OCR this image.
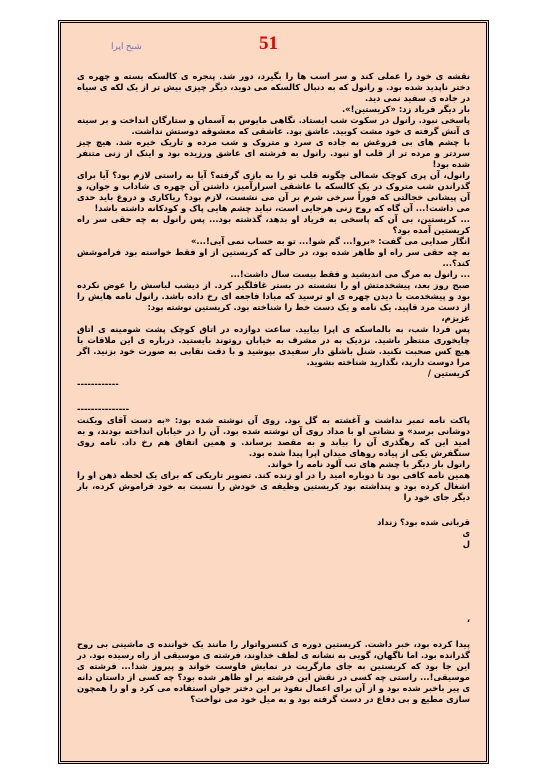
شبح اپرا	51

نقشه ی خود را عملی کند و سر اسب ها را بگیرد، دور شد. پنجره ی کالسکه بسته و چهره ی دختر ناپدید شده بود. و رانول که به دنبال کالسکه می دوید، دیگر چیزی بیش تر از یک لکه ی سیاه در جاده ی سفید نمی دید.

بار دیگر فریاد زد: «کریستین!».

پاسخی نبود. رانول در سکوت شب ایستاد. نگاهی مایوس به آسمان و ستارگان انداخت و بر سینه ی آتش گرفته ی خود مشت کوبید. عاشق بود. عاشقی که معشوقه دوستش نداشت.

با چشم های بی فروغش به جاده ی سرد و متروک و شب مرده و تاریک خیره شد. هیچ چیز سردتر و مرده تر از قلب او نبود. رانول به فرشته ای عاشق ورزیده بود و اینک از زنی متنفر شده بود!

رانول، آن پری کوچک شمالی چگونه قلب تو را به بازی گرفته؟ آیا به راستی لازم بود؟ آیا برای گذراندن شب متروک در یک کالسکه با عاشقی اسرارآمیز، داشتن آن چهره ی شاداب و جوان، و آن پیشانی خجالتی که فوراً سرخی شرم بر آن می نشست، لازم بود؟ ریاکاری و دروغ باید حدی می داشت!... آن گاه که روح زنی هرجایی است، نباید چشم هایی پاک و کودکانه داشته باشد!

... کریستین، بی آن که پاسخی به فریاد او بدهد، گذشته بود... پس رانول به چه حقی سر راه کریستین آمده بود؟

انگار صدایی می گفت: «برو!... گم شو!... تو به حساب نمی آیی!...»

به چه حقی سر راه او ظاهر شده بود، در حالی که کریستین از او فقط خواسته بود فراموشش کند؟...

... رانول به مرگ می اندیشید و فقط بیست سال داشت!...

صبح روز بعد، پیشخدمتش او را نشسته در بستر غافلگیر کرد. از دیشب لباسش را عوض نکرده بود و پیشخدمت با دیدن چهره ی او ترسید که مبادا فاجعه ای رخ داده باشد. رانول نامه هایش را از دست مرد قاپید. یک نامه و یک دست خط را شناخته بود. کریستین نوشته بود:

عزیزم،

پس فردا شب، به بالماسکه ی اپرا بیایید. ساعت دوازده در اتاق کوچک پشت شومینه ی اتاق چایخوری منتظر باشید. نزدیک به در مشرف به خیابان روتوند بایستید. درباره ی این ملاقات با هیچ کس صحبت نکنید. شنل باشلق دار سفیدی بپوشید و با دقت نقابی به صورت خود بزنید. اگر مرا دوست دارید، نگذارید شناخته بشوید.

کریستین /

------------

---------------

پاکت نامه تمبر نداشت و آغشته به گل بود. روی آن نوشته شده بود: «به دست آقای ویکنت دوشانی برسد» و نشانی او با مداد روی آن نوشته شده بود. آن را در خیابان انداخته بودند، و به امید این که رهگذری آن را بیابد و به مقصد برساند. و همین اتفاق هم رخ داد. نامه روی سنگفرش یکی از پیاده روهای میدان اپرا پیدا شده بود.

رانول بار دیگر با چشم های تب آلود نامه را خواند.

همین نامه کافی بود تا دوباره امید را در او زنده کند. تصویر تاریکی که برای یک لحظه ذهن او را اشغال کرده بود و پنداشته بود کریستین وظیفه ی خودش را نسبت به خود فراموش کرده، بار دیگر جای خود را

قربانی شده بود؟ زنداد

ی

ل

،

پیدا کرده بود، خبر داشت. کریستین دوره ی کنسرواتوار را مانند یک خواننده ی ماشینی بی روح گذرانده بود. اما ناگهان، گویی به نشانه ی لطف خداوند، فرشته ی موسیقی از راه رسیده بود. در این جا بود که کریستین به جای مارگریت در نمایش فاوست خواند و پیروز شد!... فرشته ی موسیقی!... راستی چه کسی در نقش این فرشته بر او ظاهر شده بود؟ چه کسی از داستان دانه ی پیر باخبر شده بود و از آن برای اعمال نفوذ بر این دختر جوان استفاده می کرد و او را همچون سازی مطیع و بی دفاع در دست گرفته بود و به میل خود می نواخت؟
